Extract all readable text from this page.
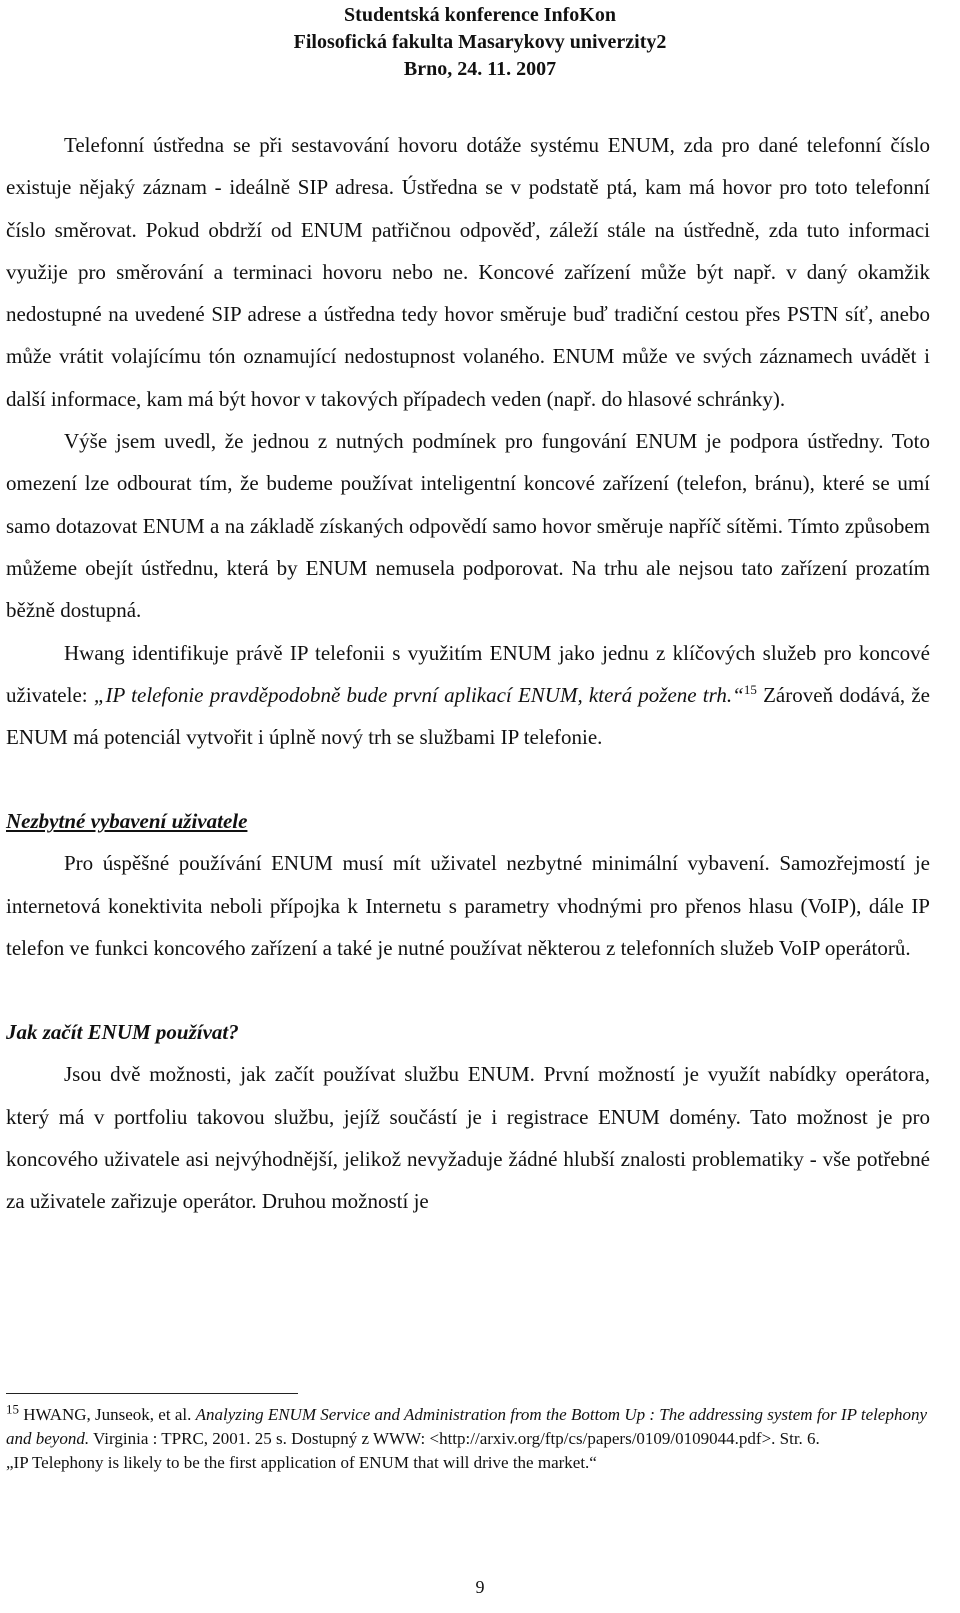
Studentská konference InfoKon
Filosofická fakulta Masarykovy univerzity2
Brno, 24. 11. 2007

Telefonní ústředna se při sestavování hovoru dotáže systému ENUM, zda pro dané telefonní číslo existuje nějaký záznam - ideálně SIP adresa. Ústředna se v podstatě ptá, kam má hovor pro toto telefonní číslo směrovat. Pokud obdrží od ENUM patřičnou odpověď, záleží stále na ústředně, zda tuto informaci využije pro směrování a terminaci hovoru nebo ne. Koncové zařízení může být např. v daný okamžik nedostupné na uvedené SIP adrese a ústředna tedy hovor směruje buď tradiční cestou přes PSTN síť, anebo může vrátit volajícímu tón oznamující nedostupnost volaného. ENUM může ve svých záznamech uvádět i další informace, kam má být hovor v takových případech veden (např. do hlasové schránky).

Výše jsem uvedl, že jednou z nutných podmínek pro fungování ENUM je podpora ústředny. Toto omezení lze odbourat tím, že budeme používat inteligentní koncové zařízení (telefon, bránu), které se umí samo dotazovat ENUM a na základě získaných odpovědí samo hovor směruje napříč sítěmi. Tímto způsobem můžeme obejít ústřednu, která by ENUM nemusela podporovat. Na trhu ale nejsou tato zařízení prozatím běžně dostupná.

Hwang identifikuje právě IP telefonii s využitím ENUM jako jednu z klíčových služeb pro koncové uživatele: „IP telefonie pravděpodobně bude první aplikací ENUM, která požene trh.“$^{15}$ Zároveň dodává, že ENUM má potenciál vytvořit i úplně nový trh se službami IP telefonie.

Nezbytné vybavení uživatele

Pro úspěšné používání ENUM musí mít uživatel nezbytné minimální vybavení. Samozřejmostí je internetová konektivita neboli přípojka k Internetu s parametry vhodnými pro přenos hlasu (VoIP), dále IP telefon ve funkci koncového zařízení a také je nutné používat některou z telefonních služeb VoIP operátorů.

Jak začít ENUM používat?

Jsou dvě možnosti, jak začít používat službu ENUM. První možností je využít nabídky operátora, který má v portfoliu takovou službu, jejíž součástí je i registrace ENUM domény. Tato možnost je pro koncového uživatele asi nejvýhodnější, jelikož nevyžaduje žádné hlubší znalosti problematiky - vše potřebné za uživatele zařizuje operátor. Druhou možností je

$^{15}$ HWANG, Junseok, et al. Analyzing ENUM Service and Administration from the Bottom Up : The addressing system for IP telephony and beyond. Virginia : TPRC, 2001. 25 s. Dostupný z WWW: <http://arxiv.org/ftp/cs/papers/0109/0109044.pdf>. Str. 6.

„IP Telephony is likely to be the first application of ENUM that will drive the market.“

9
